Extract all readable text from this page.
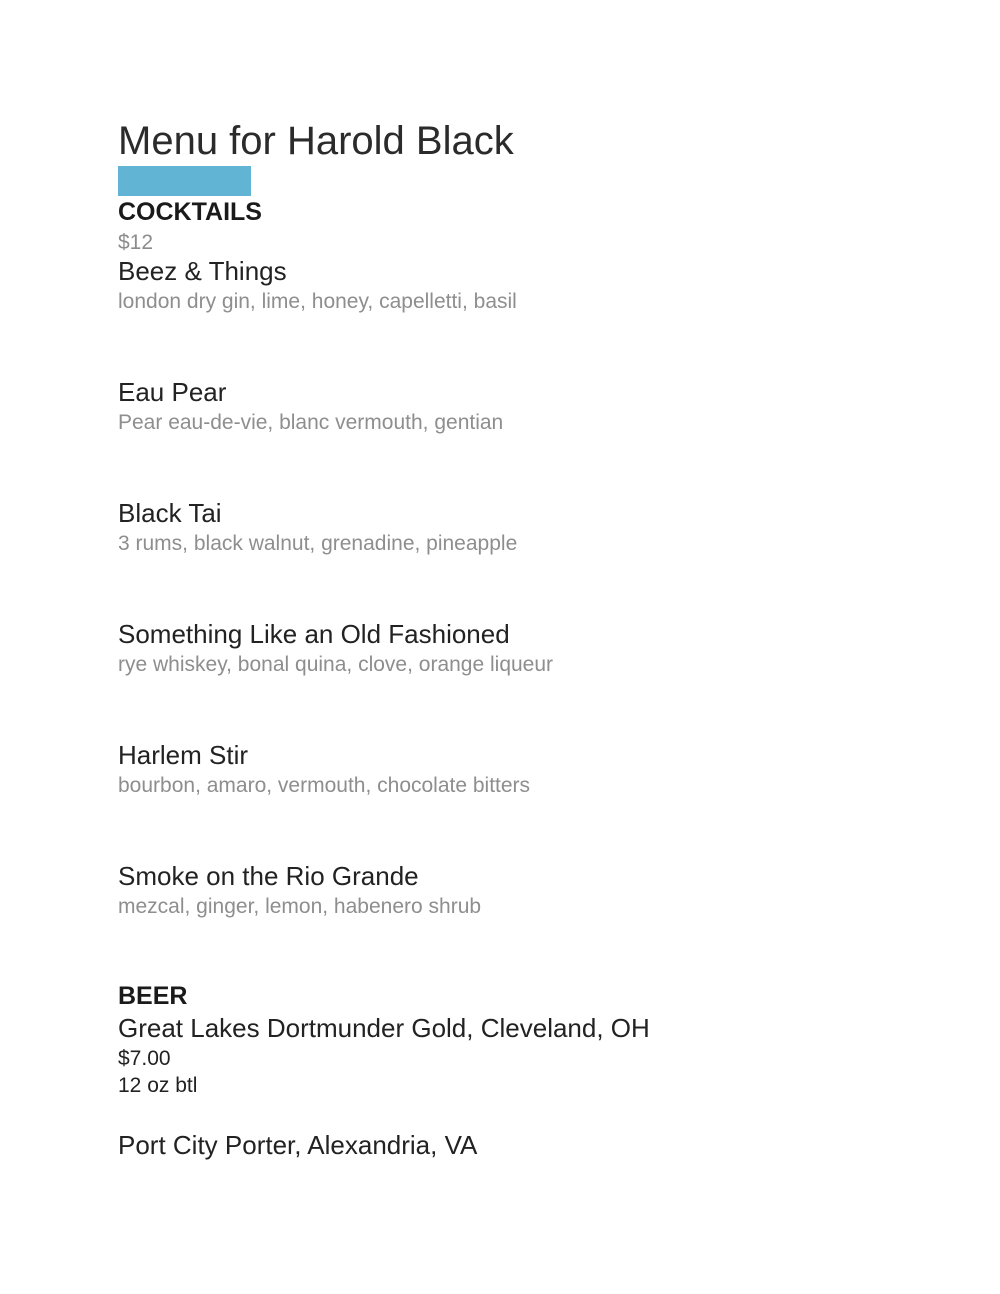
Menu for Harold Black
COCKTAILS
$12
Beez & Things
london dry gin, lime, honey, capelletti, basil
Eau Pear
Pear eau-de-vie, blanc vermouth, gentian
Black Tai
3 rums, black walnut, grenadine, pineapple
Something Like an Old Fashioned
rye whiskey, bonal quina, clove, orange liqueur
Harlem Stir
bourbon, amaro, vermouth, chocolate bitters
Smoke on the Rio Grande
mezcal, ginger, lemon, habenero shrub
BEER
Great Lakes Dortmunder Gold, Cleveland, OH
$7.00
12 oz btl
Port City Porter, Alexandria, VA
